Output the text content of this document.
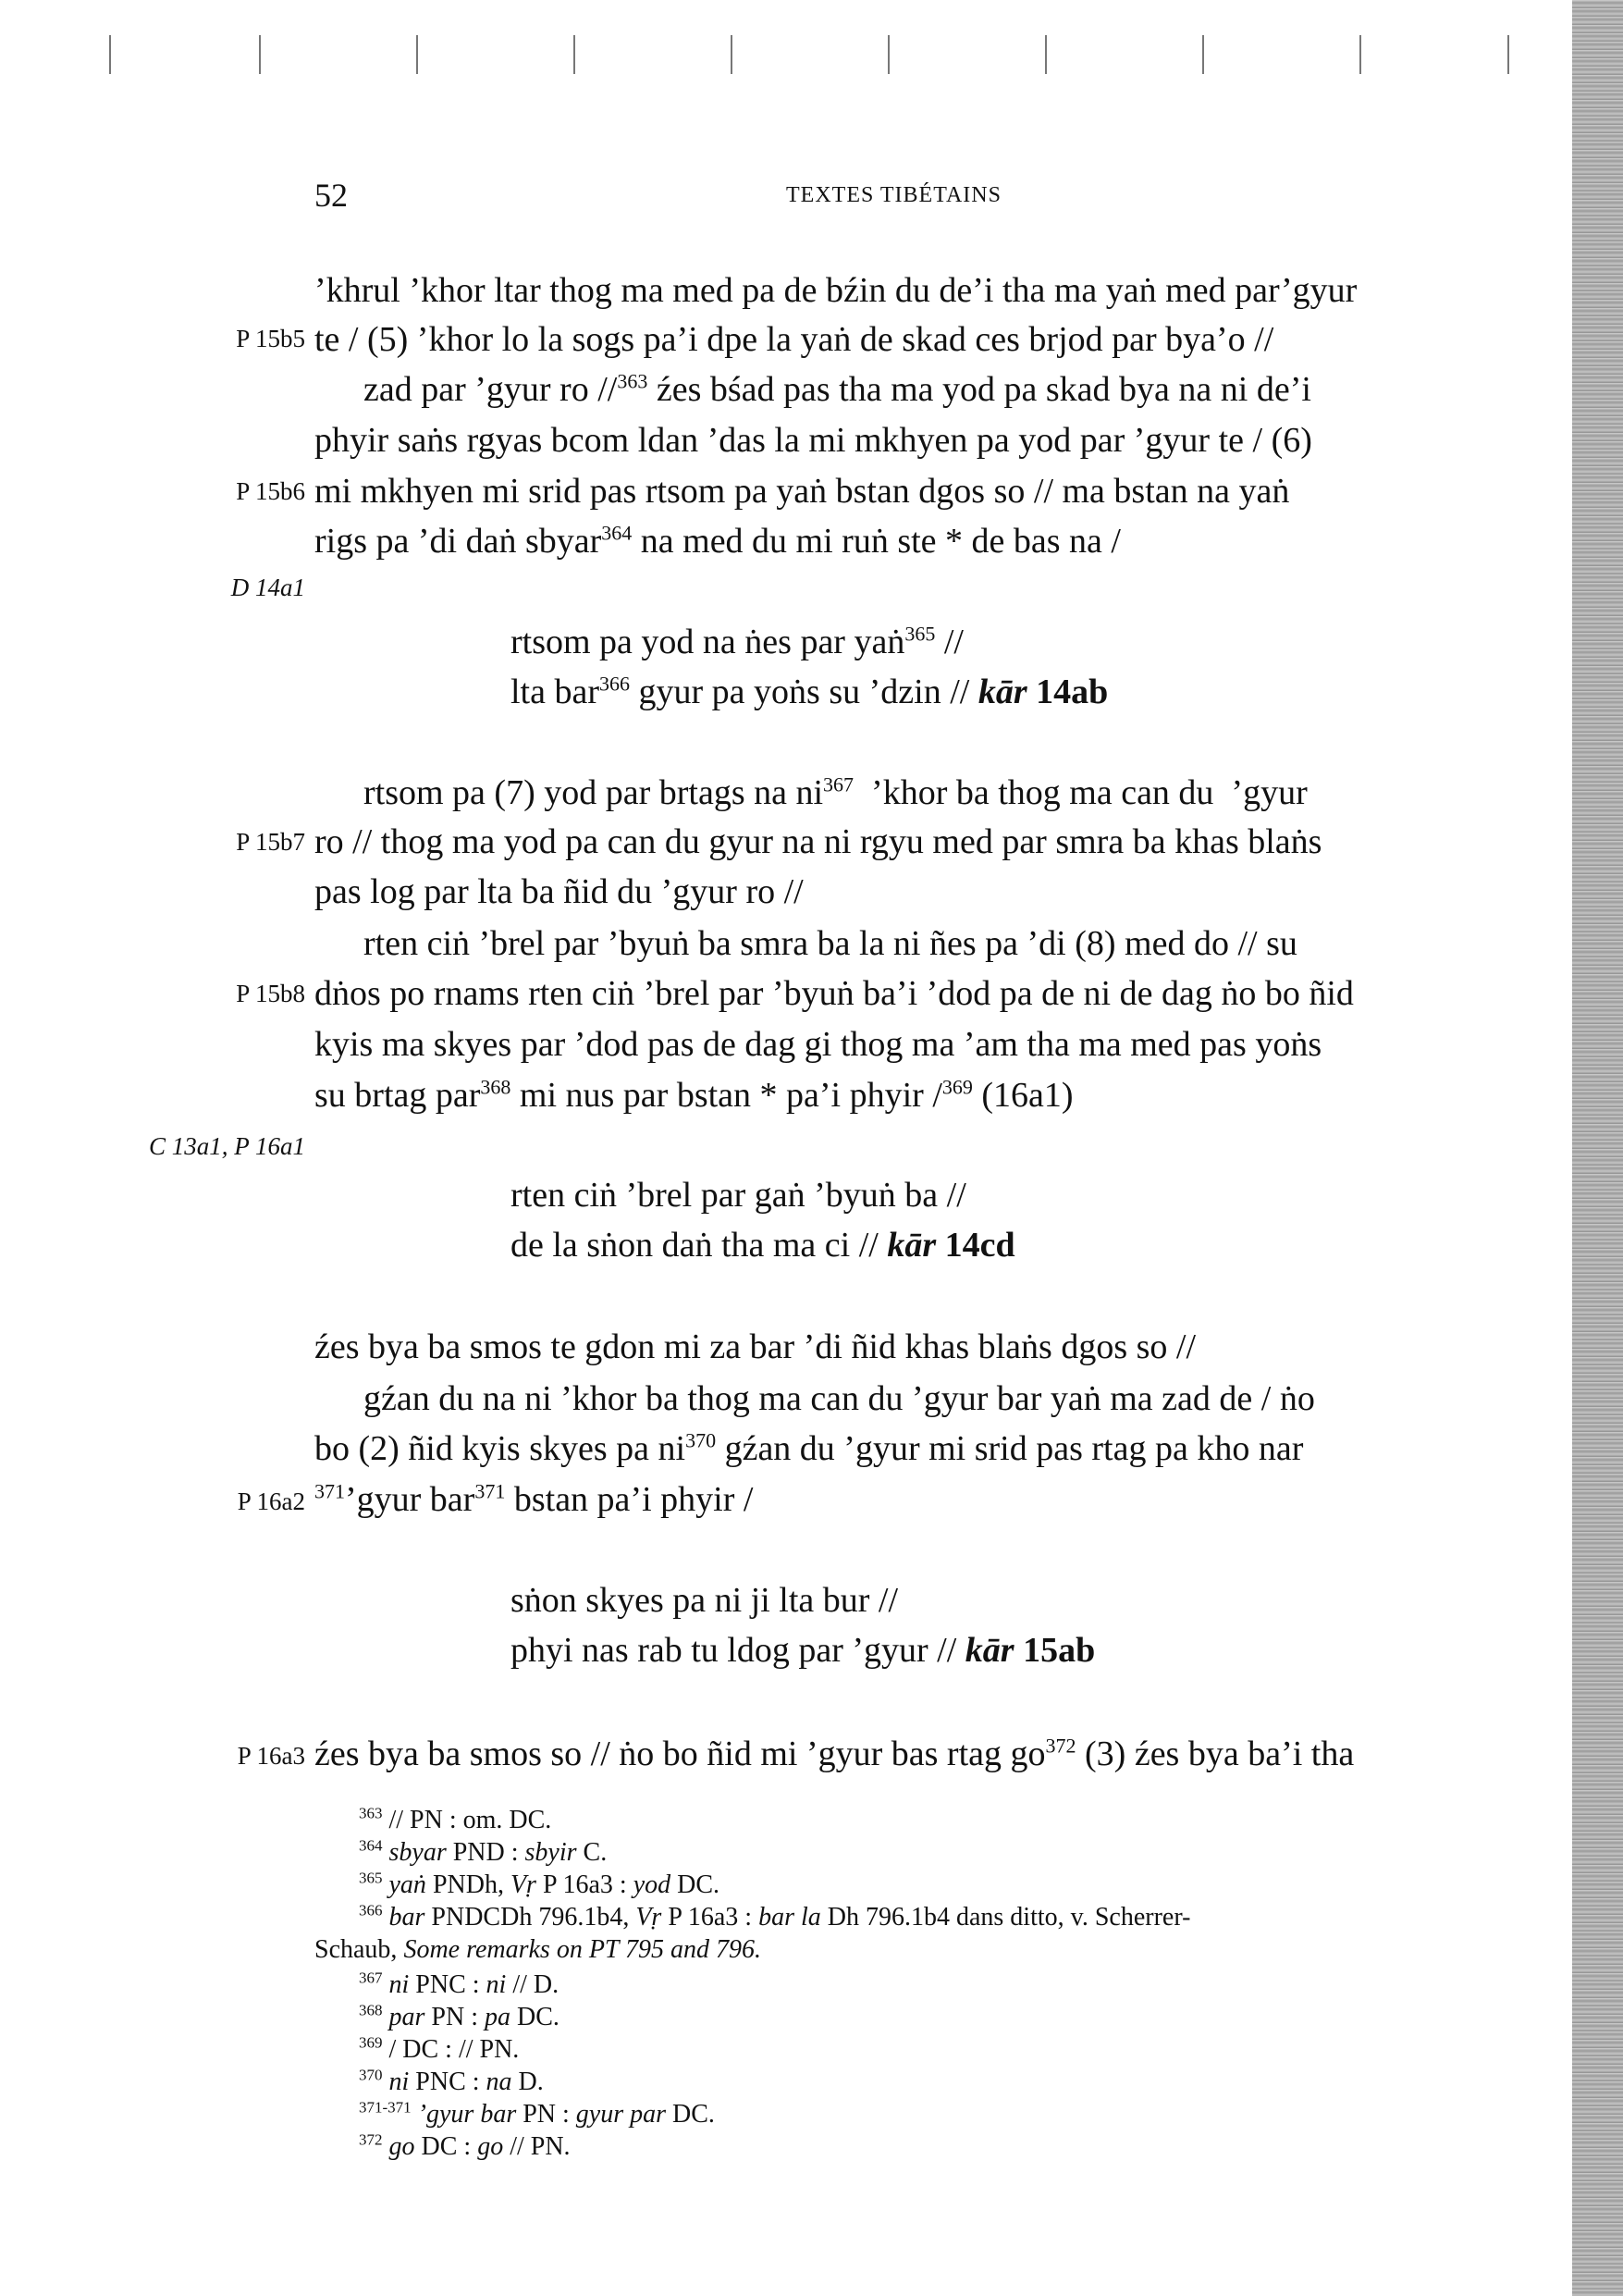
52	TEXTES TIBÉTAINS
P 15b5
P 15b6
D 14a1
P 15b7
P 15b8
C 13a1, P 16a1
P 16a2
P 16a3
’khrul ’khor ltar thog ma med pa de bźin du de’i tha ma yaṅ med par’gyur
te / (5) ’khor lo la sogs pa’i dpe la yaṅ de skad ces brjod par bya’o //
zad par ’gyur ro //$^{363}$ źes bśad pas tha ma yod pa skad bya na ni de’i
phyir saṅs rgyas bcom ldan ’das la mi mkhyen pa yod par ’gyur te / (6)
mi mkhyen mi srid pas rtsom pa yaṅ bstan dgos so // ma bstan na yaṅ
rigs pa ’di daṅ sbyar$^{364}$ na med du mi ruṅ ste * de bas na /
rtsom pa yod na ṅes par yaṅ$^{365}$ //
lta bar$^{366}$ gyur pa yoṅs su ’dzin // kār 14ab
rtsom pa (7) yod par brtags na $ni^{367}$  ’khor ba thog ma can du  ’gyur
ro // thog ma yod pa can du gyur na ni rgyu med par smra ba khas blaṅs
pas log par lta ba ñid du ’gyur ro //
rten ciṅ ’brel par ’byuṅ ba smra ba la ni ñes pa ’di (8) med do // su
dṅos po rnams rten ciṅ ’brel par ’byuṅ ba’i ’dod pa de ni de dag ṅo bo ñid
kyis ma skyes par ’dod pas de dag gi thog ma ’am tha ma med pas yoṅs
su brtag par$^{368}$ mi nus par bstan * pa’i phyir /$^{369}$ (16a1)
rten ciṅ ’brel par gaṅ ’byuṅ ba //
de la sṅon daṅ tha ma ci // kār 14cd
źes bya ba smos te gdon mi za bar ’di ñid khas blaṅs dgos so //
gźan du na ni ’khor ba thog ma can du ’gyur bar yaṅ ma zad de / ṅo
bo (2) ñid kyis skyes pa $ni^{370}$ gźan du ’gyur mi srid pas rtag pa kho nar
$^{371}$’gyur bar$^{371}$ bstan pa’i phyir /
sṅon skyes pa ni ji lta bur //
phyi nas rab tu ldog par ’gyur // kār 15ab
źes bya ba smos so // ṅo bo ñid mi ’gyur bas rtag $go^{372}$ (3) źes bya ba’i tha
$^{363}$ // PN : om. DC.
$^{364}$ sbyar PND : sbyir C.
$^{365}$ yaṅ PNDh, Vṛ P 16a3 : yod DC.
$^{366}$ bar PNDCDh 796.1b4, Vṛ P 16a3 : bar la Dh 796.1b4 dans ditto, v. Scherrer-
Schaub, Some remarks on PT 795 and 796.
$^{367}$ ni PNC : ni // D.
$^{368}$ par PN : pa DC.
$^{369}$ / DC : // PN.
$^{370}$ ni PNC : na D.
$^{371-371}$ ’gyur bar PN : gyur par DC.
$^{372}$ go DC : go // PN.
